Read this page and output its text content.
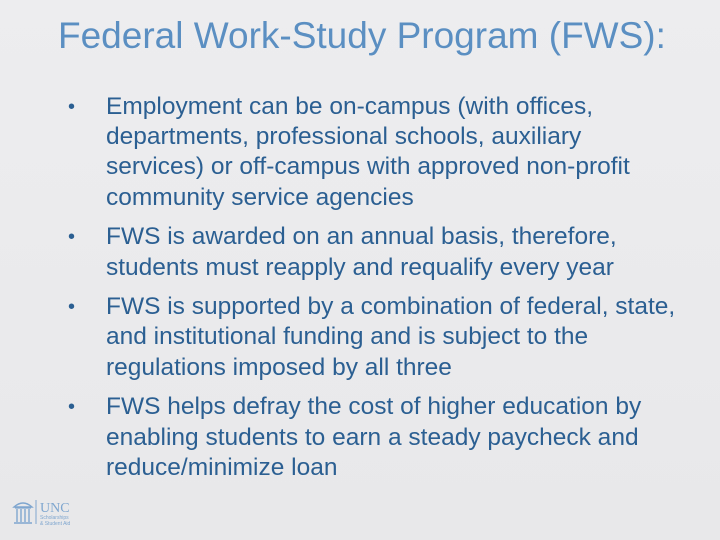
Federal Work-Study Program (FWS):
• Employment can be on-campus (with offices, departments, professional schools, auxiliary services) or off-campus with approved non-profit community service agencies
• FWS is awarded on an annual basis, therefore, students must reapply and requalify every year
• FWS is supported by a combination of federal, state, and institutional funding and is subject to the regulations imposed by all three
• FWS helps defray the cost of higher education by enabling students to earn a steady paycheck and reduce/minimize loan
UNC
Scholarships
& Student Aid
